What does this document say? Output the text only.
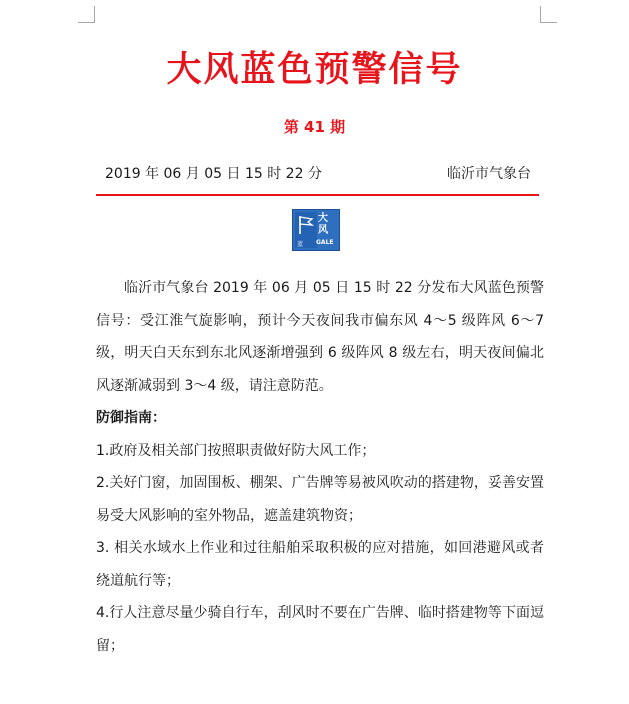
大风蓝色预警信号
第 41 期
2019 年 06 月 05 日 15 时 22 分	临沂市气象台
蓝
大
风
GALE

临沂市气象台 2019 年 06 月 05 日 15 时 22 分发布大风蓝色预警信号：受江淮气旋影响，预计今天夜间我市偏东风 4～5 级阵风 6～7 级，明天白天东到东北风逐渐增强到 6 级阵风 8 级左右，明天夜间偏北风逐渐减弱到 3～4 级，请注意防范。

防御指南：

1.政府及相关部门按照职责做好防大风工作；

2.关好门窗，加固围板、棚架、广告牌等易被风吹动的搭建物，妥善安置易受大风影响的室外物品，遮盖建筑物资；

3. 相关水域水上作业和过往船舶采取积极的应对措施，如回港避风或者绕道航行等；

4.行人注意尽量少骑自行车，刮风时不要在广告牌、临时搭建物等下面逗留；
